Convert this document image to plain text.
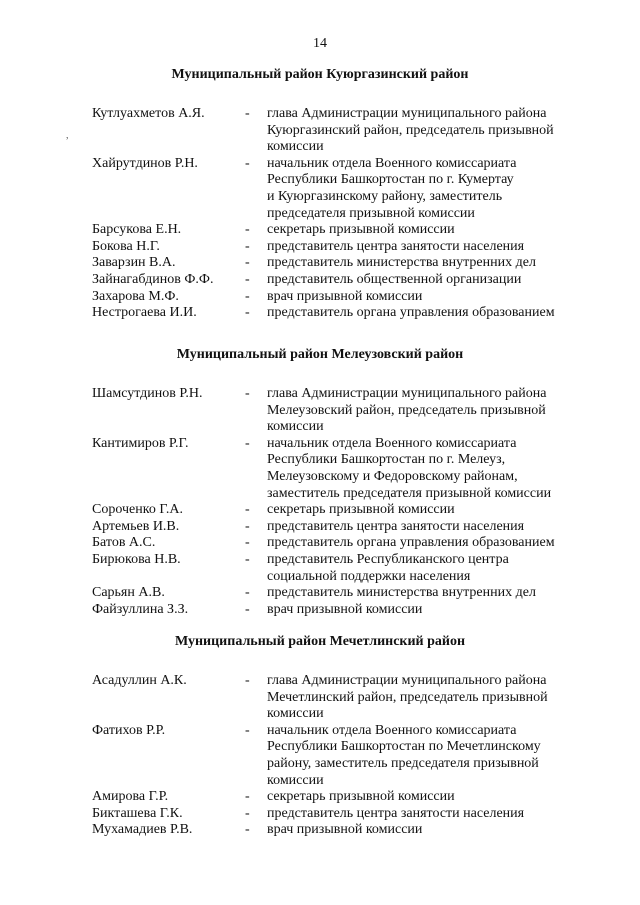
14
,
Муниципальный район Куюргазинский район
Кутлуахметов А.Я.	-	глава Администрации муниципального района
Куюргазинский район, председатель призывной
комиссии
Хайрутдинов Р.Н.	-	начальник отдела Военного комиссариата
Республики Башкортостан по г. Кумертау
и Куюргазинскому району, заместитель
председателя призывной комиссии
Барсукова Е.Н.	-	секретарь призывной комиссии
Бокова Н.Г.	-	представитель центра занятости населения
Заварзин В.А.	-	представитель министерства внутренних дел
Зайнагабдинов Ф.Ф.	-	представитель общественной организации
Захарова М.Ф.	-	врач призывной комиссии
Нестрогаева И.И.	-	представитель органа управления образованием
Муниципальный район Мелеузовский район
Шамсутдинов Р.Н.	-	глава Администрации муниципального района
Мелеузовский район, председатель призывной
комиссии
Кантимиров Р.Г.	-	начальник отдела Военного комиссариата
Республики Башкортостан по г. Мелеуз,
Мелеузовскому и Федоровскому районам,
заместитель председателя призывной комиссии
Сороченко Г.А.	-	секретарь призывной комиссии
Артемьев И.В.	-	представитель центра занятости населения
Батов А.С.	-	представитель органа управления образованием
Бирюкова Н.В.	-	представитель Республиканского центра
социальной поддержки населения
Сарьян А.В.	-	представитель министерства внутренних дел
Файзуллина З.З.	-	врач призывной комиссии
Муниципальный район Мечетлинский район
Асадуллин А.К.	-	глава Администрации муниципального района
Мечетлинский район, председатель призывной
комиссии
Фатихов Р.Р.	-	начальник отдела Военного комиссариата
Республики Башкортостан по Мечетлинскому
району, заместитель председателя призывной
комиссии
Амирова Г.Р.	-	секретарь призывной комиссии
Бикташева Г.К.	-	представитель центра занятости населения
Мухамадиев Р.В.	-	врач призывной комиссии
